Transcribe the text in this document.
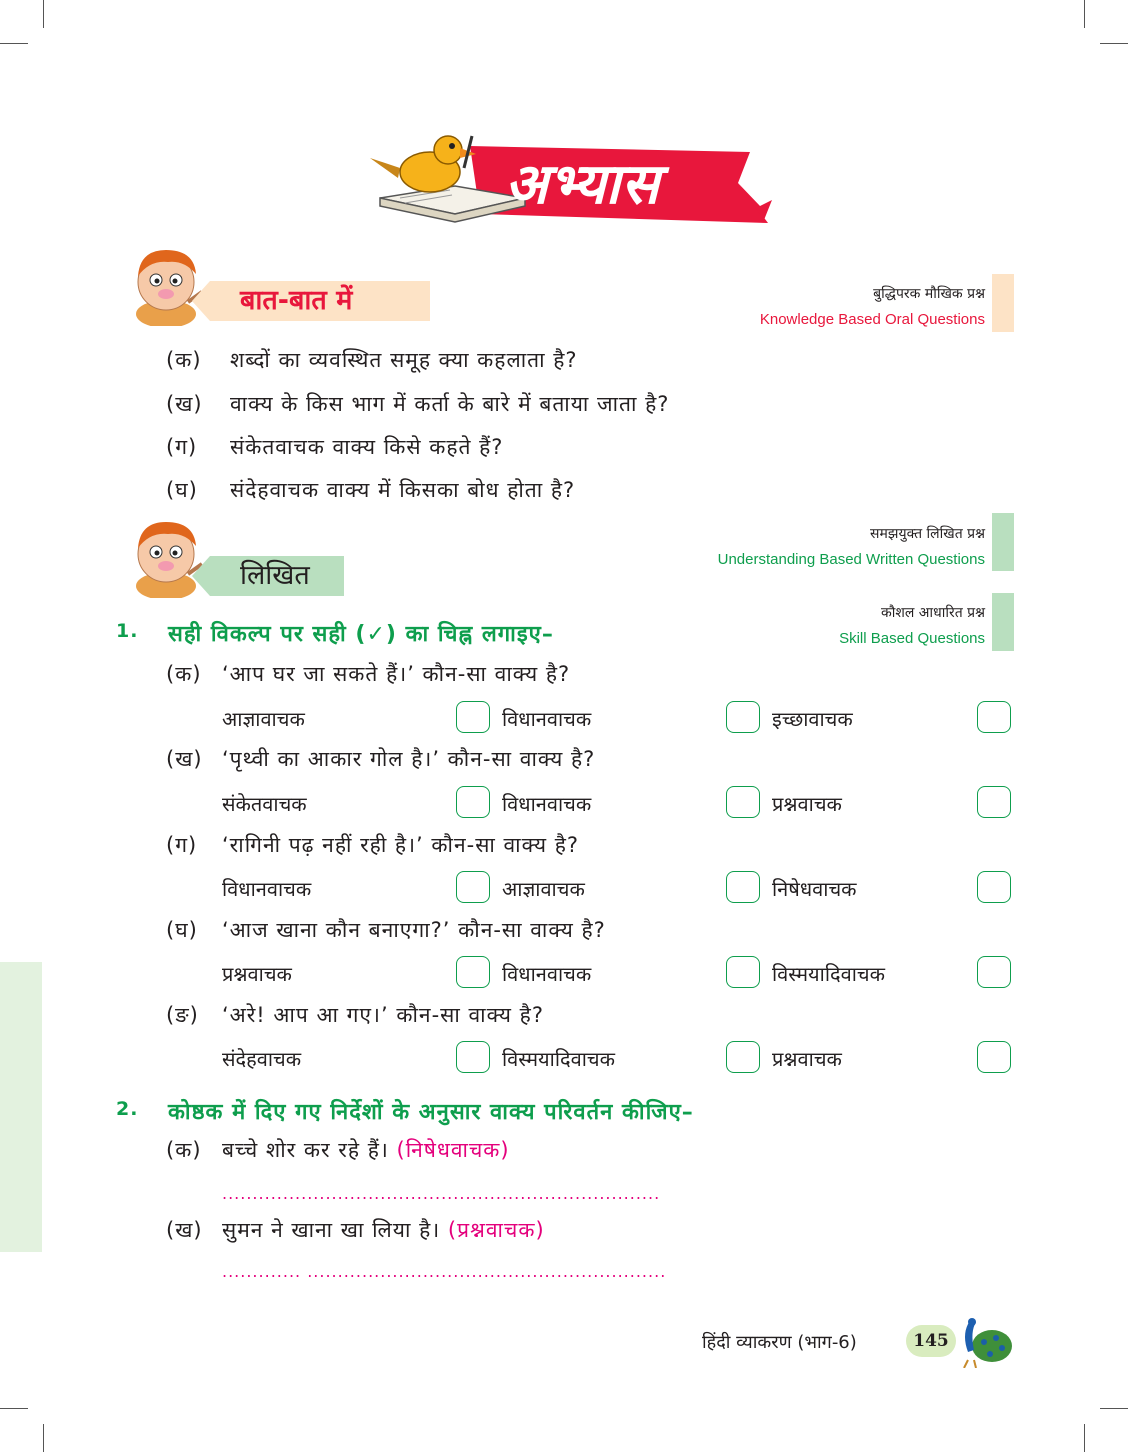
अभ्यास
बात-बात में	बुद्धिपरक मौखिक प्रश्न
Knowledge Based Oral Questions
(क) शब्दों का व्यवस्थित समूह क्या कहलाता है?
(ख) वाक्य के किस भाग में कर्ता के बारे में बताया जाता है?
(ग) संकेतवाचक वाक्य किसे कहते हैं?
(घ) संदेहवाचक वाक्य में किसका बोध होता है?
लिखित
समझयुक्त लिखित प्रश्न
Understanding Based Written Questions
कौशल आधारित प्रश्न
Skill Based Questions
1. सही विकल्प पर सही (✓) का चिह्न लगाइए–
(क) ‘आप घर जा सकते हैं।’ कौन-सा वाक्य है?
आज्ञावाचक	विधानवाचक	इच्छावाचक
(ख) ‘पृथ्वी का आकार गोल है।’ कौन-सा वाक्य है?
संकेतवाचक	विधानवाचक	प्रश्नवाचक
(ग) ‘रागिनी पढ़ नहीं रही है।’ कौन-सा वाक्य है?
विधानवाचक	आज्ञावाचक	निषेधवाचक
(घ) ‘आज खाना कौन बनाएगा?’ कौन-सा वाक्य है?
प्रश्नवाचक	विधानवाचक	विस्मयादिवाचक
(ङ) ‘अरे! आप आ गए।’ कौन-सा वाक्य है?
संदेहवाचक	विस्मयादिवाचक	प्रश्नवाचक
2. कोष्ठक में दिए गए निर्देशों के अनुसार वाक्य परिवर्तन कीजिए–
(क) बच्चे शोर कर रहे हैं। (निषेधवाचक)
........................................................................
(ख) सुमन ने खाना खा लिया है। (प्रश्नवाचक)
............. ...........................................................
हिंदी व्याकरण (भाग-6)	145
